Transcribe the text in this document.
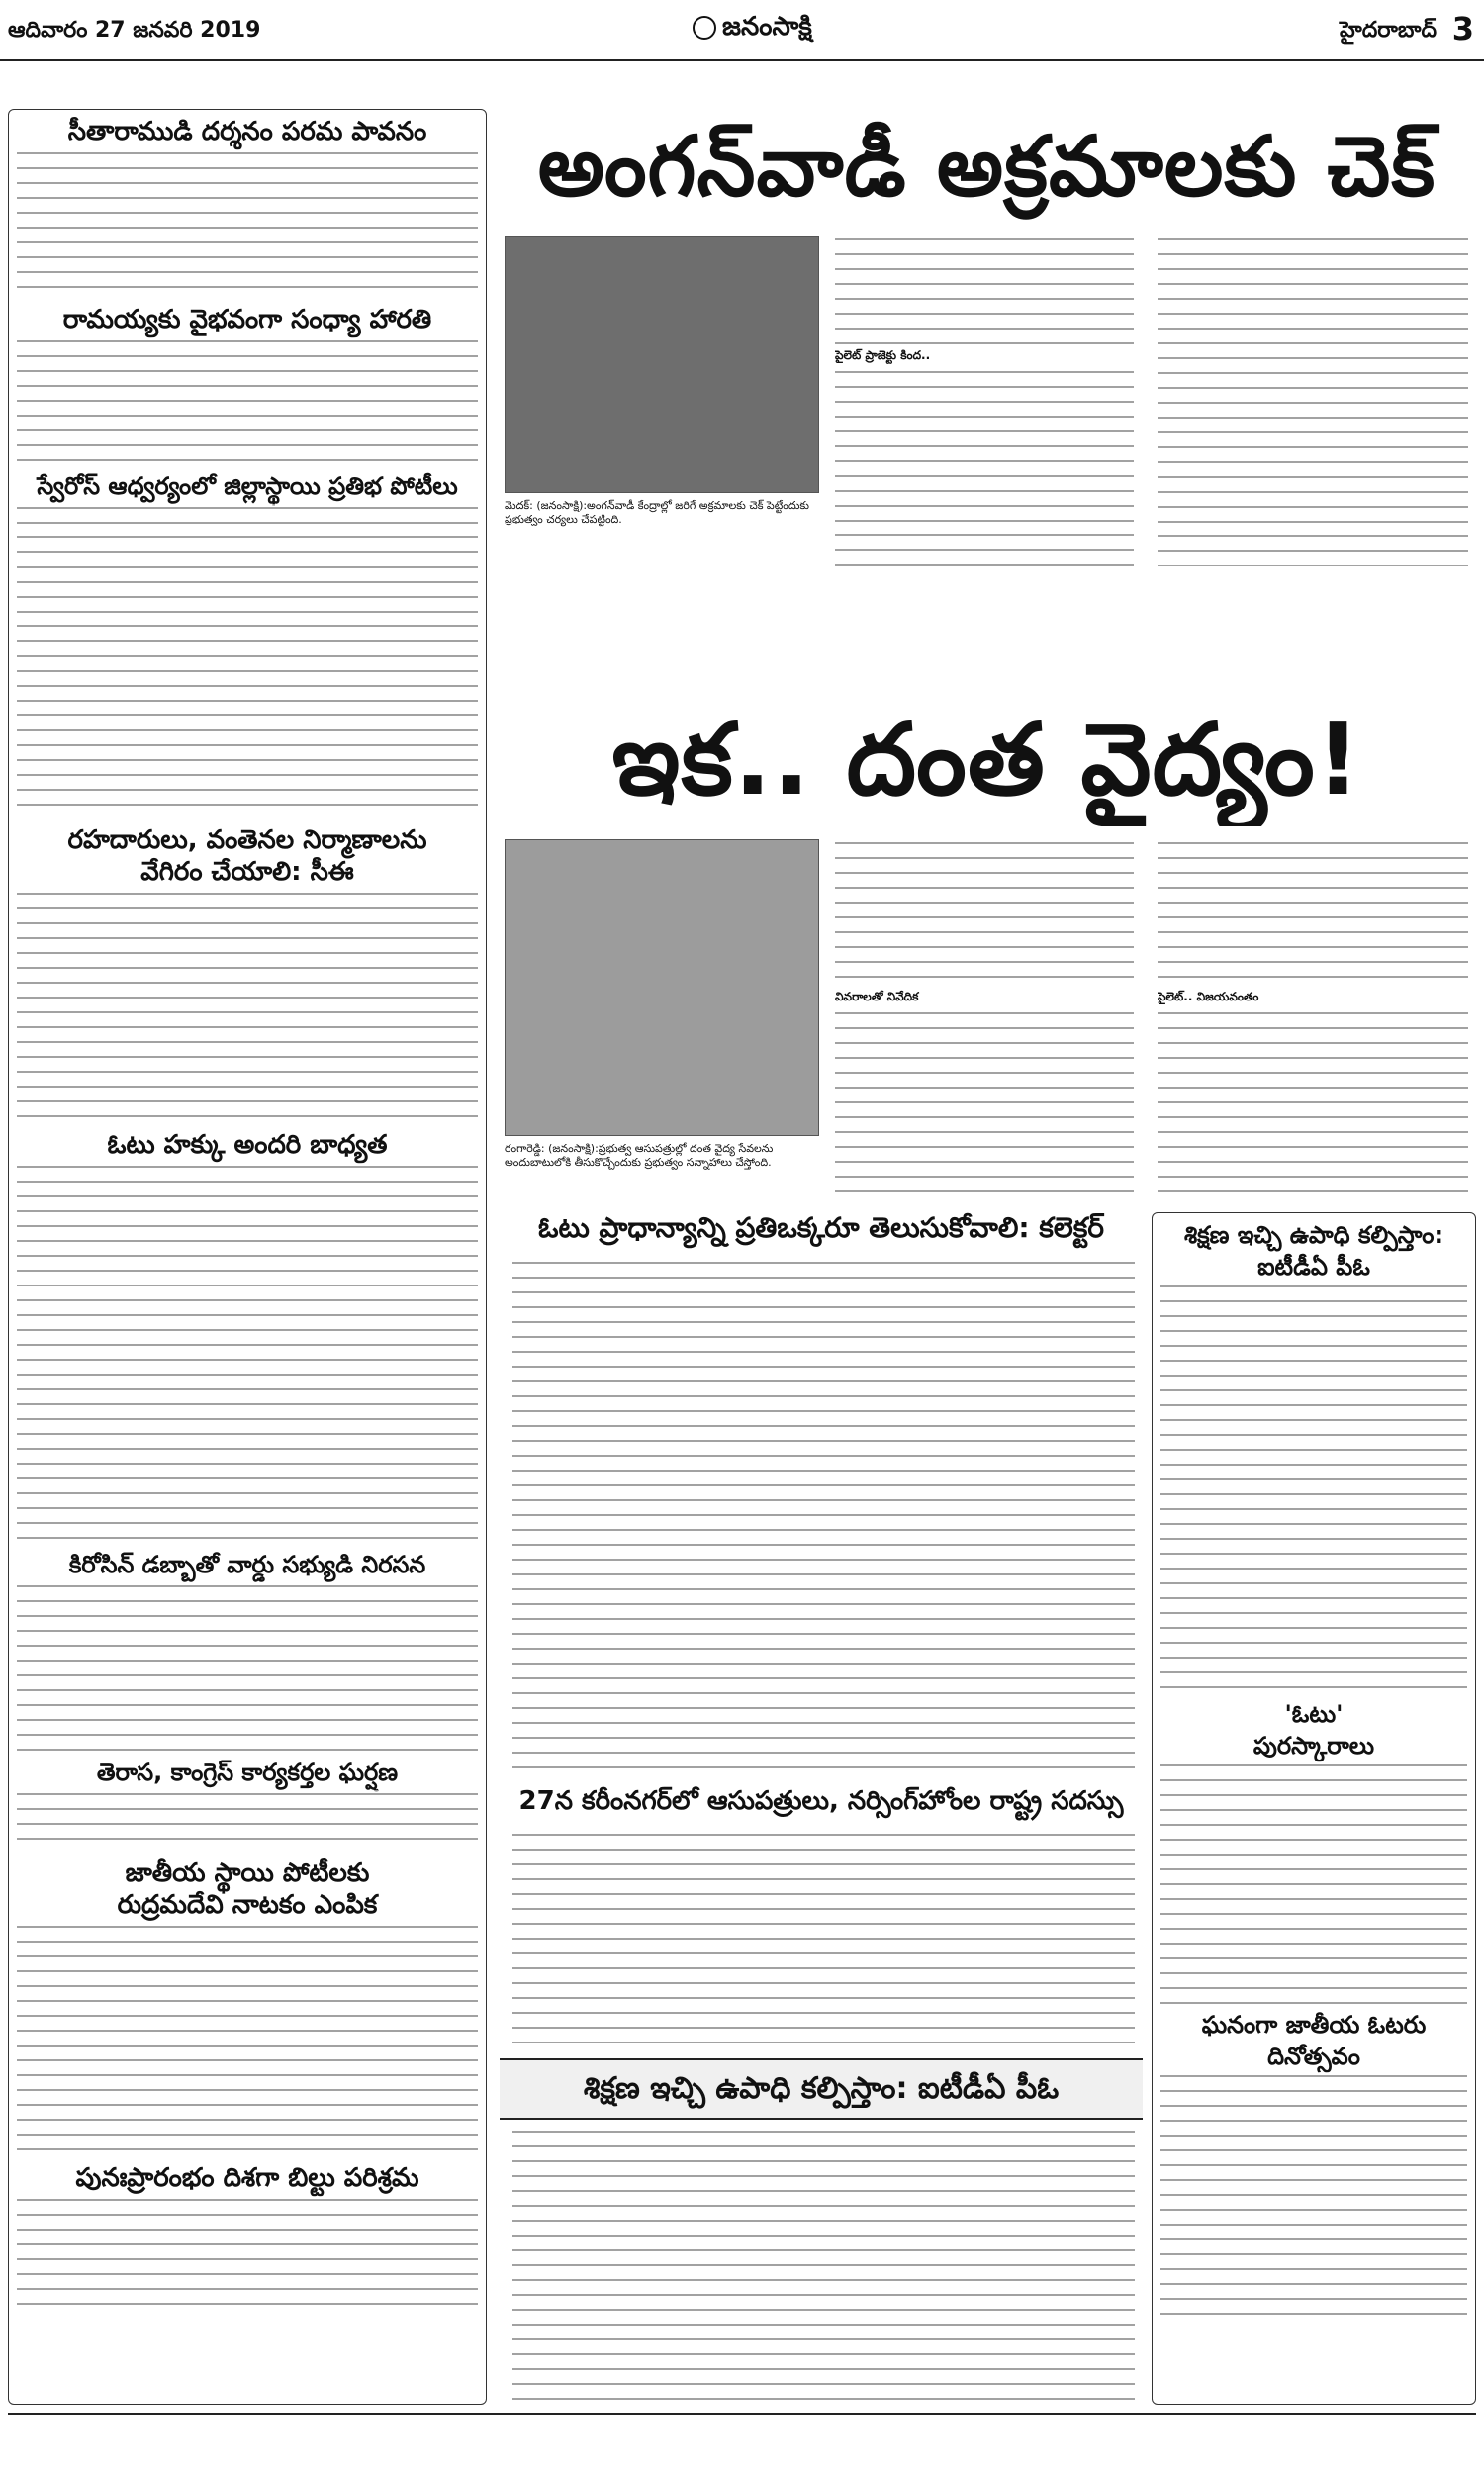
ఆదివారం 27 జనవరి 2019	జనంసాక్షి	హైదరాబాద్ 3
సీతారాముడి దర్శనం పరమ పావనం
రామయ్యకు వైభవంగా సంధ్యా హారతి
స్వేరోస్ ఆధ్వర్యంలో జిల్లాస్థాయి ప్రతిభ పోటీలు
రహదారులు, వంతెనల నిర్మాణాలను
వేగిరం చేయాలి: సీఈ
ఓటు హక్కు అందరి బాధ్యత
కిరోసిన్ డబ్బాతో వార్డు సభ్యుడి నిరసన
తెరాస, కాంగ్రెస్ కార్యకర్తల ఘర్షణ
జాతీయ స్థాయి పోటీలకు
రుద్రమదేవి నాటకం ఎంపిక
పునఃప్రారంభం దిశగా బిల్టు పరిశ్రమ
అంగన్‌వాడీ అక్రమాలకు చెక్
మెదక్: (జనంసాక్షి):అంగన్‌వాడీ కేంద్రాల్లో జరిగే అక్రమాలకు చెక్ పెట్టేందుకు ప్రభుత్వం చర్యలు చేపట్టింది.
పైలెట్ ప్రాజెక్టు కింద..
ఇక.. దంత వైద్యం!
రంగారెడ్డి: (జనంసాక్షి):ప్రభుత్వ ఆసుపత్రుల్లో దంత వైద్య సేవలను అందుబాటులోకి తీసుకొచ్చేందుకు ప్రభుత్వం సన్నాహాలు చేస్తోంది.
వివరాలతో నివేదిక	పైలెట్.. విజయవంతం
ఓటు ప్రాధాన్యాన్ని ప్రతిఒక్కరూ తెలుసుకోవాలి: కలెక్టర్
27న కరీంనగర్‌లో ఆసుపత్రులు, నర్సింగ్‌హోంల రాష్ట్ర సదస్సు
శిక్షణ ఇచ్చి ఉపాధి కల్పిస్తాం: ఐటీడీఏ పీఓ
శిక్షణ ఇచ్చి ఉపాధి కల్పిస్తాం:
ఐటీడీఏ పీఓ
'ఓటు'
పురస్కారాలు
ఘనంగా జాతీయ ఓటరు
దినోత్సవం
